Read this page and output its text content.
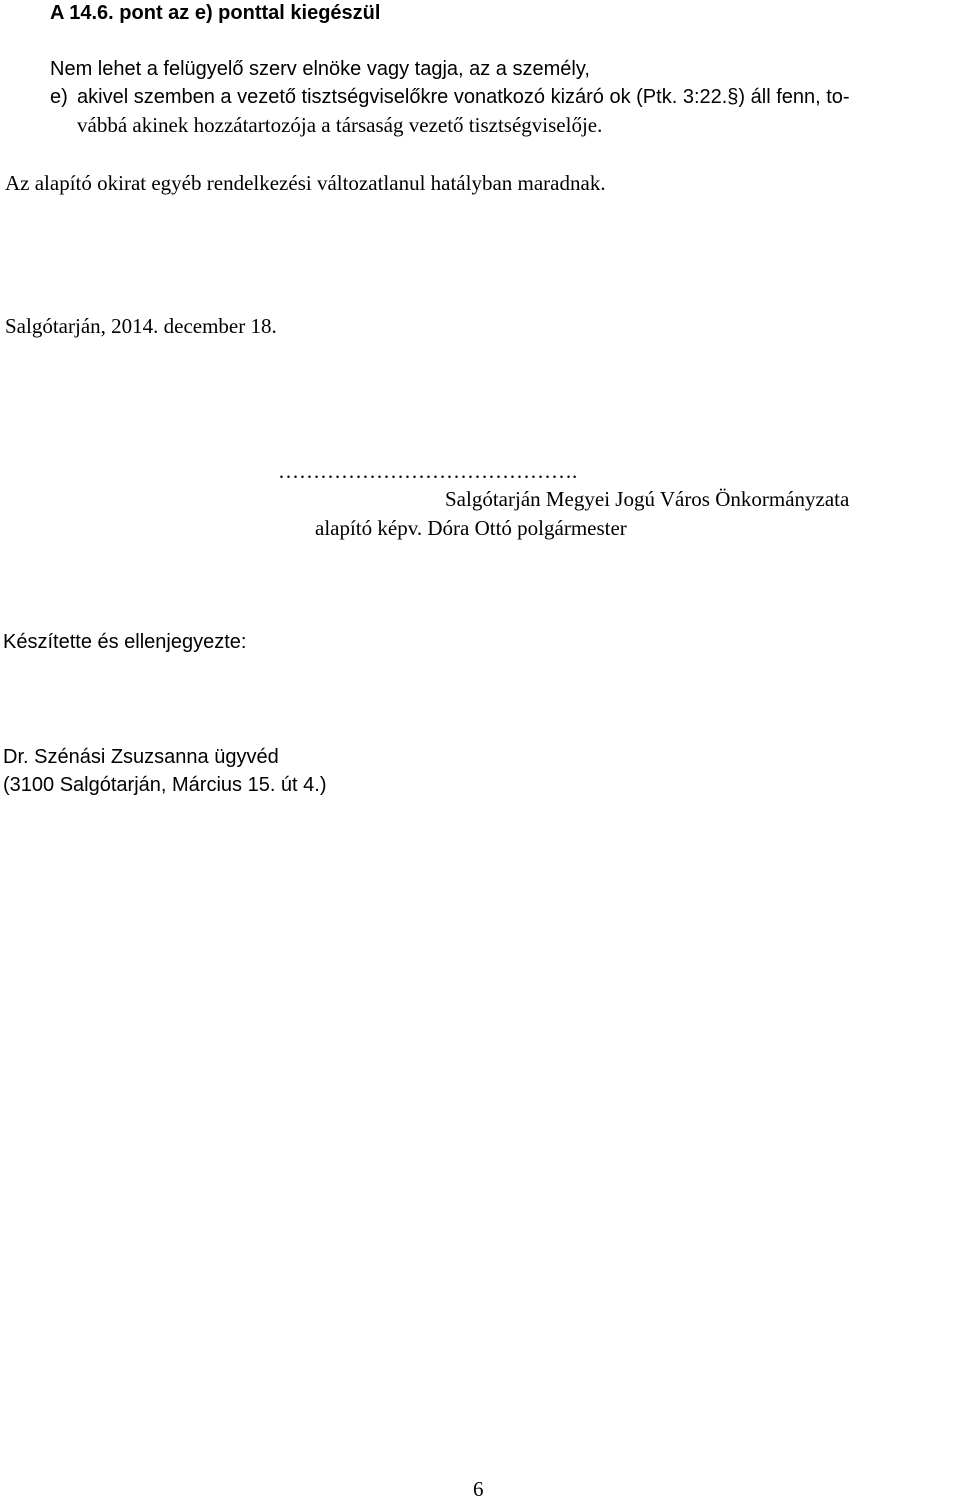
A 14.6. pont az e) ponttal kiegészül
Nem lehet a felügyelő szerv elnöke vagy tagja, az a személy,
e) akivel szemben a vezető tisztségviselőkre vonatkozó kizáró ok (Ptk. 3:22.§) áll fenn, to-
vábbá akinek hozzátartozója a társaság vezető tisztségviselője.
Az alapító okirat egyéb rendelkezési változatlanul hatályban maradnak.
Salgótarján, 2014. december 18.
…………………………………….
Salgótarján Megyei Jogú Város Önkormányzata
alapító képv. Dóra Ottó polgármester
Készítette és ellenjegyezte:
Dr. Szénási Zsuzsanna ügyvéd
(3100 Salgótarján, Március 15. út 4.)
6
